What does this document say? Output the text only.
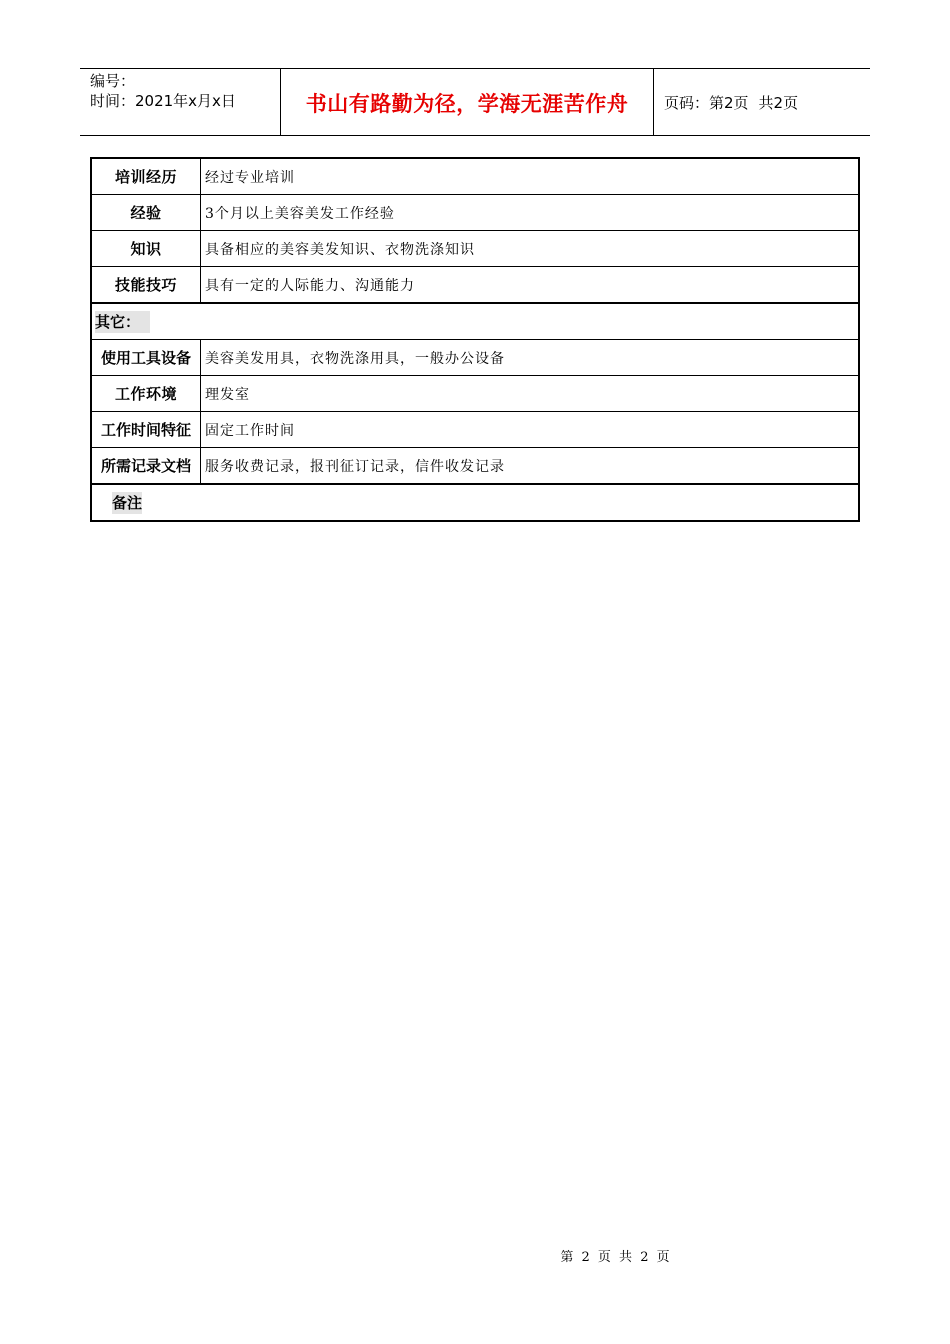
编号：
时间：2021年x月x日	书山有路勤为径，学海无涯苦作舟	页码：第2页 共2页
培训经历	经过专业培训
经验	3个月以上美容美发工作经验
知识	具备相应的美容美发知识、衣物洗涤知识
技能技巧	具有一定的人际能力、沟通能力
其它：	
使用工具设备	美容美发用具，衣物洗涤用具，一般办公设备
工作环境	理发室
工作时间特征	固定工作时间
所需记录文档	服务收费记录，报刊征订记录，信件收发记录
备注	
第 2 页 共 2 页
